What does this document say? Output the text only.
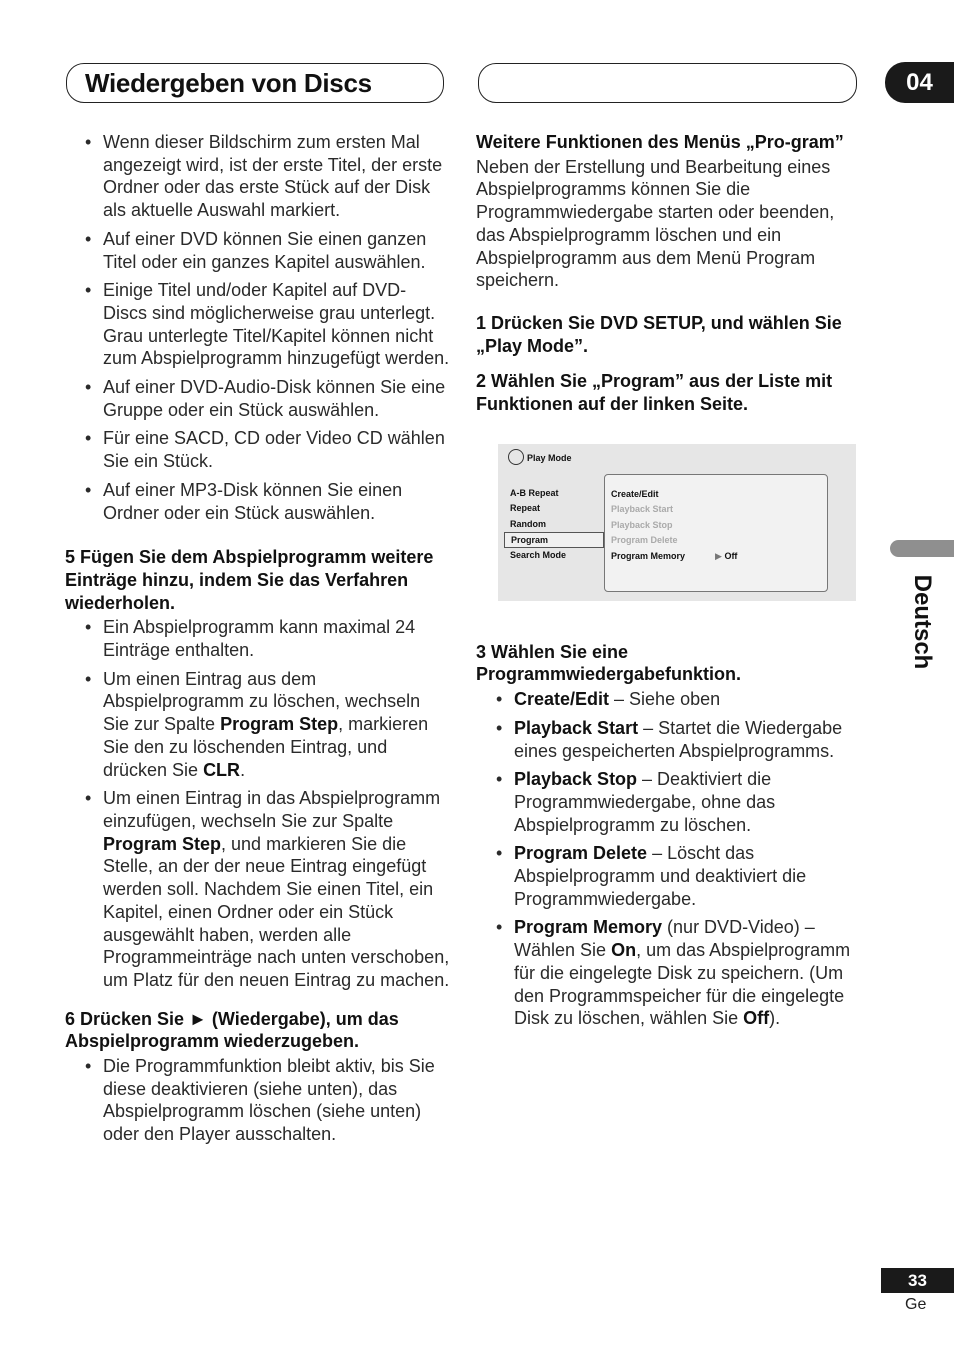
Wiedergeben von Discs	04
Deutsch
• Wenn dieser Bildschirm zum ersten Mal angezeigt wird, ist der erste Titel, der erste Ordner oder das erste Stück auf der Disk als aktuelle Auswahl markiert.
• Auf einer DVD können Sie einen ganzen Titel oder ein ganzes Kapitel auswählen.
• Einige Titel und/oder Kapitel auf DVD-Discs sind möglicherweise grau unterlegt. Grau unterlegte Titel/Kapitel können nicht zum Abspielprogramm hinzugefügt werden.
• Auf einer DVD-Audio-Disk können Sie eine Gruppe oder ein Stück auswählen.
• Für eine SACD, CD oder Video CD wählen Sie ein Stück.
• Auf einer MP3-Disk können Sie einen Ordner oder ein Stück auswählen.
5 Fügen Sie dem Abspielprogramm weitere Einträge hinzu, indem Sie das Verfahren wiederholen.
• Ein Abspielprogramm kann maximal 24 Einträge enthalten.
• Um einen Eintrag aus dem Abspielprogramm zu löschen, wechseln Sie zur Spalte Program Step, markieren Sie den zu löschenden Eintrag, und drücken Sie CLR.
• Um einen Eintrag in das Abspielprogramm einzufügen, wechseln Sie zur Spalte Program Step, und markieren Sie die Stelle, an der der neue Eintrag eingefügt werden soll. Nachdem Sie einen Titel, ein Kapitel, einen Ordner oder ein Stück ausgewählt haben, werden alle Programmeinträge nach unten verschoben, um Platz für den neuen Eintrag zu machen.
6 Drücken Sie ► (Wiedergabe), um das Abspielprogramm wiederzugeben.
• Die Programmfunktion bleibt aktiv, bis Sie diese deaktivieren (siehe unten), das Abspielprogramm löschen (siehe unten) oder den Player ausschalten.
Weitere Funktionen des Menüs „Pro-gram”
Neben der Erstellung und Bearbeitung eines Abspielprogramms können Sie die Programmwiedergabe starten oder beenden, das Abspielprogramm löschen und ein Abspielprogramm aus dem Menü Program speichern.
1 Drücken Sie DVD SETUP, und wählen Sie „Play Mode”.
2 Wählen Sie „Program” aus der Liste mit Funktionen auf der linken Seite.
Play Mode
A-B Repeat
Repeat
Random
Program
Search Mode
Create/Edit
Playback Start
Playback Stop
Program Delete
Program Memory	▶ Off
3 Wählen Sie eine Programmwiedergabefunktion.
• Create/Edit – Siehe oben
• Playback Start – Startet die Wiedergabe eines gespeicherten Abspielprogramms.
• Playback Stop – Deaktiviert die Programmwiedergabe, ohne das Abspielprogramm zu löschen.
• Program Delete – Löscht das Abspielprogramm und deaktiviert die Programmwiedergabe.
• Program Memory (nur DVD-Video) – Wählen Sie On, um das Abspielprogramm für die eingelegte Disk zu speichern. (Um den Programmspeicher für die eingelegte Disk zu löschen, wählen Sie Off).
33
Ge
